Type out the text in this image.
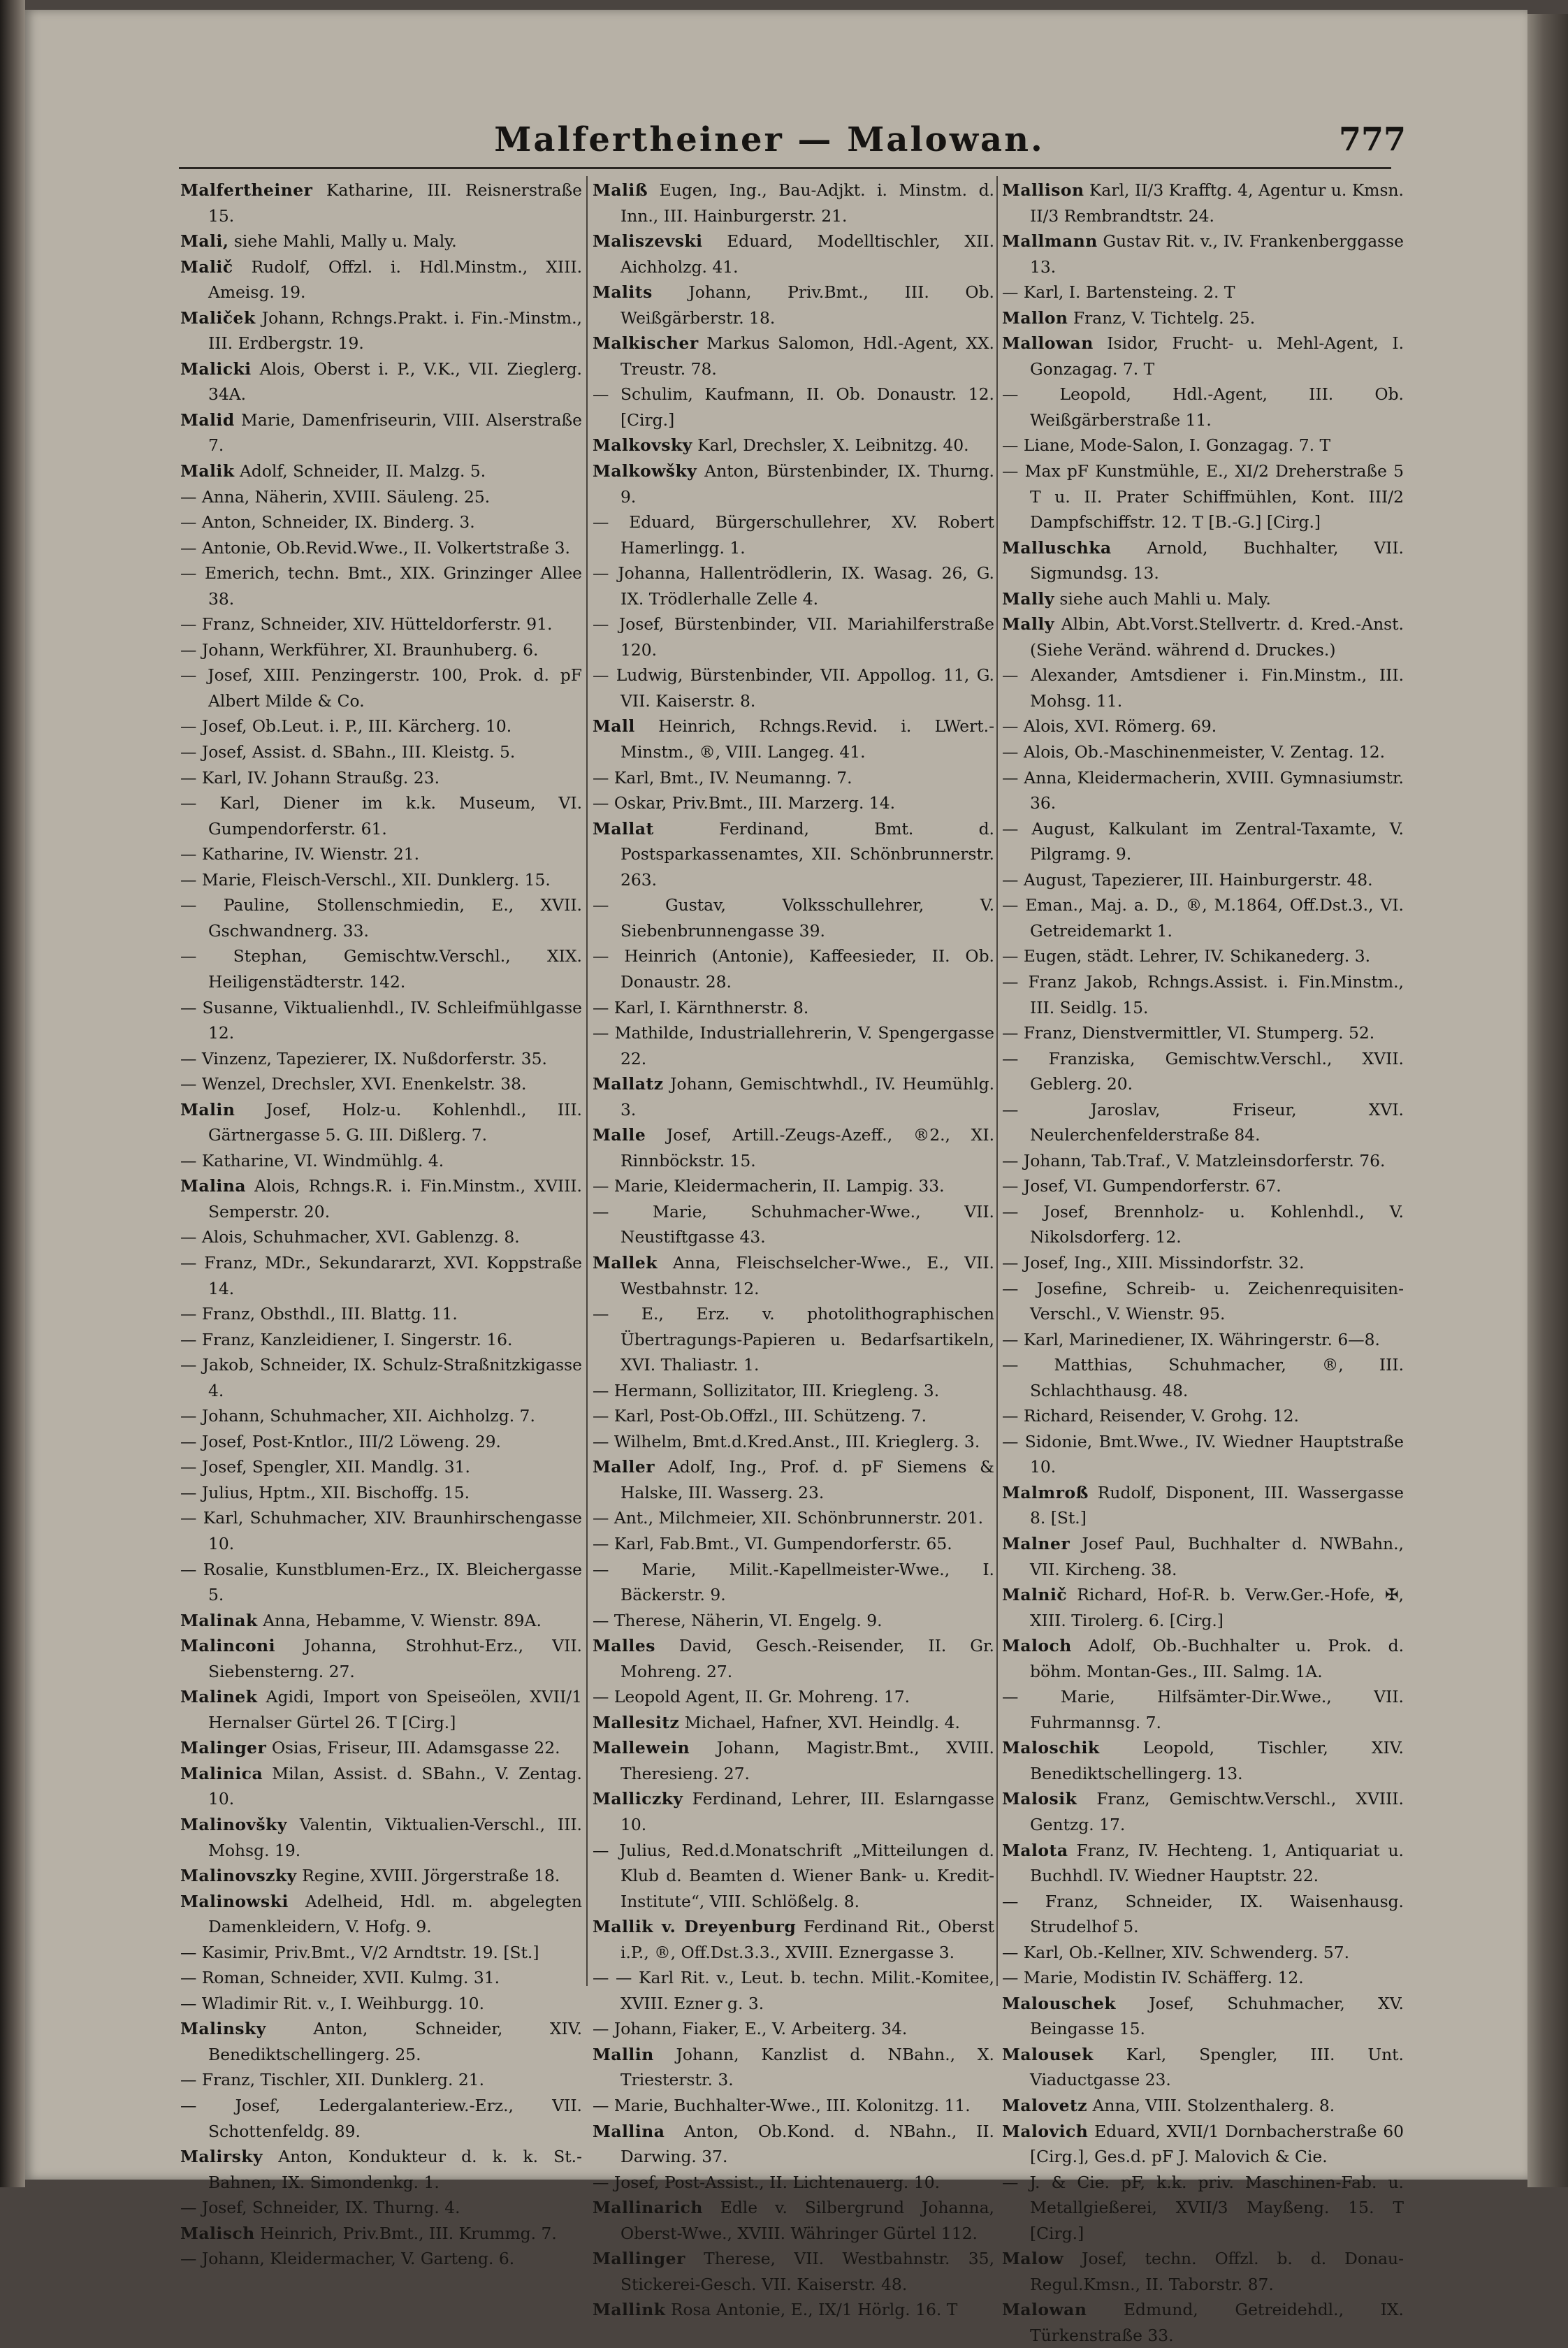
Malfertheiner — Malowan.	777
Malfertheiner Katharine, III. Reisnerstraße 15.
Mali, siehe Mahli, Mally u. Maly.
Malič Rudolf, Offzl. i. Hdl.Minstm., XIII. Ameisg. 19.
Maliček Johann, Rchngs.Prakt. i. Fin.-Minstm., III. Erdbergstr. 19.
Malicki Alois, Oberst i. P., V.K., VII. Zieglerg. 34A.
Malid Marie, Damenfriseurin, VIII. Alserstraße 7.
Malik Adolf, Schneider, II. Malzg. 5.
— Anna, Näherin, XVIII. Säuleng. 25.
— Anton, Schneider, IX. Binderg. 3.
— Antonie, Ob.Revid.Wwe., II. Volkertstraße 3.
— Emerich, techn. Bmt., XIX. Grinzinger Allee 38.
— Franz, Schneider, XIV. Hütteldorferstr. 91.
— Johann, Werkführer, XI. Braunhuberg. 6.
— Josef, XIII. Penzingerstr. 100, Prok. d. pF Albert Milde & Co.
— Josef, Ob.Leut. i. P., III. Kärcherg. 10.
— Josef, Assist. d. SBahn., III. Kleistg. 5.
— Karl, IV. Johann Straußg. 23.
— Karl, Diener im k.k. Museum, VI. Gumpendorferstr. 61.
— Katharine, IV. Wienstr. 21.
— Marie, Fleisch-Verschl., XII. Dunklerg. 15.
— Pauline, Stollenschmiedin, E., XVII. Gschwandnerg. 33.
— Stephan, Gemischtw.Verschl., XIX. Heiligenstädterstr. 142.
— Susanne, Viktualienhdl., IV. Schleifmühlgasse 12.
— Vinzenz, Tapezierer, IX. Nußdorferstr. 35.
— Wenzel, Drechsler, XVI. Enenkelstr. 38.
Malin Josef, Holz-u. Kohlenhdl., III. Gärtnergasse 5. G. III. Dißlerg. 7.
— Katharine, VI. Windmühlg. 4.
Malina Alois, Rchngs.R. i. Fin.Minstm., XVIII. Semperstr. 20.
— Alois, Schuhmacher, XVI. Gablenzg. 8.
— Franz, MDr., Sekundararzt, XVI. Koppstraße 14.
— Franz, Obsthdl., III. Blattg. 11.
— Franz, Kanzleidiener, I. Singerstr. 16.
— Jakob, Schneider, IX. Schulz-Straßnitzkigasse 4.
— Johann, Schuhmacher, XII. Aichholzg. 7.
— Josef, Post-Kntlor., III/2 Löweng. 29.
— Josef, Spengler, XII. Mandlg. 31.
— Julius, Hptm., XII. Bischoffg. 15.
— Karl, Schuhmacher, XIV. Braunhirschengasse 10.
— Rosalie, Kunstblumen-Erz., IX. Bleichergasse 5.
Malinak Anna, Hebamme, V. Wienstr. 89A.
Malinconi Johanna, Strohhut-Erz., VII. Siebensterng. 27.
Malinek Agidi, Import von Speiseölen, XVII/1 Hernalser Gürtel 26. T [Cirg.]
Malinger Osias, Friseur, III. Adamsgasse 22.
Malinica Milan, Assist. d. SBahn., V. Zentag. 10.
Malinovšky Valentin, Viktualien-Verschl., III. Mohsg. 19.
Malinovszky Regine, XVIII. Jörgerstraße 18.
Malinowski Adelheid, Hdl. m. abgelegten Damenkleidern, V. Hofg. 9.
— Kasimir, Priv.Bmt., V/2 Arndtstr. 19. [St.]
— Roman, Schneider, XVII. Kulmg. 31.
— Wladimir Rit. v., I. Weihburgg. 10.
Malinsky Anton, Schneider, XIV. Benediktschellingerg. 25.
— Franz, Tischler, XII. Dunklerg. 21.
— Josef, Ledergalanteriew.-Erz., VII. Schottenfeldg. 89.
Malirsky Anton, Kondukteur d. k. k. St.-Bahnen, IX. Simondenkg. 1.
— Josef, Schneider, IX. Thurng. 4.
Malisch Heinrich, Priv.Bmt., III. Krummg. 7.
— Johann, Kleidermacher, V. Garteng. 6.
Maliß Eugen, Ing., Bau-Adjkt. i. Minstm. d. Inn., III. Hainburgerstr. 21.
Maliszevski Eduard, Modelltischler, XII. Aichholzg. 41.
Malits Johann, Priv.Bmt., III. Ob. Weißgärberstr. 18.
Malkischer Markus Salomon, Hdl.-Agent, XX. Treustr. 78.
— Schulim, Kaufmann, II. Ob. Donaustr. 12. [Cirg.]
Malkovsky Karl, Drechsler, X. Leibnitzg. 40.
Malkowšky Anton, Bürstenbinder, IX. Thurng. 9.
— Eduard, Bürgerschullehrer, XV. Robert Hamerlingg. 1.
— Johanna, Hallentrödlerin, IX. Wasag. 26, G. IX. Trödlerhalle Zelle 4.
— Josef, Bürstenbinder, VII. Mariahilferstraße 120.
— Ludwig, Bürstenbinder, VII. Appollog. 11, G. VII. Kaiserstr. 8.
Mall Heinrich, Rchngs.Revid. i. LWert.-Minstm., ®, VIII. Langeg. 41.
— Karl, Bmt., IV. Neumanng. 7.
— Oskar, Priv.Bmt., III. Marzerg. 14.
Mallat Ferdinand, Bmt. d. Postsparkassenamtes, XII. Schönbrunnerstr. 263.
— Gustav, Volksschullehrer, V. Siebenbrunnengasse 39.
— Heinrich (Antonie), Kaffeesieder, II. Ob. Donaustr. 28.
— Karl, I. Kärnthnerstr. 8.
— Mathilde, Industriallehrerin, V. Spengergasse 22.
Mallatz Johann, Gemischtwhdl., IV. Heumühlg. 3.
Malle Josef, Artill.-Zeugs-Azeff., ®2., XI. Rinnböckstr. 15.
— Marie, Kleidermacherin, II. Lampig. 33.
— Marie, Schuhmacher-Wwe., VII. Neustiftgasse 43.
Mallek Anna, Fleischselcher-Wwe., E., VII. Westbahnstr. 12.
— E., Erz. v. photolithographischen Übertragungs-Papieren u. Bedarfsartikeln, XVI. Thaliastr. 1.
— Hermann, Sollizitator, III. Kriegleng. 3.
— Karl, Post-Ob.Offzl., III. Schützeng. 7.
— Wilhelm, Bmt.d.Kred.Anst., III. Krieglerg. 3.
Maller Adolf, Ing., Prof. d. pF Siemens & Halske, III. Wasserg. 23.
— Ant., Milchmeier, XII. Schönbrunnerstr. 201.
— Karl, Fab.Bmt., VI. Gumpendorferstr. 65.
— Marie, Milit.-Kapellmeister-Wwe., I. Bäckerstr. 9.
— Therese, Näherin, VI. Engelg. 9.
Malles David, Gesch.-Reisender, II. Gr. Mohreng. 27.
— Leopold Agent, II. Gr. Mohreng. 17.
Mallesitz Michael, Hafner, XVI. Heindlg. 4.
Mallewein Johann, Magistr.Bmt., XVIII. Theresieng. 27.
Malliczky Ferdinand, Lehrer, III. Eslarngasse 10.
— Julius, Red.d.Monatschrift „Mitteilungen d. Klub d. Beamten d. Wiener Bank- u. Kredit-Institute“, VIII. Schlößelg. 8.
Mallik v. Dreyenburg Ferdinand Rit., Oberst i.P., ®, Off.Dst.3.3., XVIII. Eznergasse 3.
— — Karl Rit. v., Leut. b. techn. Milit.-Komitee, XVIII. Ezner g. 3.
— Johann, Fiaker, E., V. Arbeiterg. 34.
Mallin Johann, Kanzlist d. NBahn., X. Triesterstr. 3.
— Marie, Buchhalter-Wwe., III. Kolonitzg. 11.
Mallina Anton, Ob.Kond. d. NBahn., II. Darwing. 37.
— Josef, Post-Assist., II. Lichtenauerg. 10.
Mallinarich Edle v. Silbergrund Johanna, Oberst-Wwe., XVIII. Währinger Gürtel 112.
Mallinger Therese, VII. Westbahnstr. 35, Stickerei-Gesch. VII. Kaiserstr. 48.
Mallink Rosa Antonie, E., IX/1 Hörlg. 16. T
Mallison Karl, II/3 Krafftg. 4, Agentur u. Kmsn. II/3 Rembrandtstr. 24.
Mallmann Gustav Rit. v., IV. Frankenberggasse 13.
— Karl, I. Bartensteing. 2. T
Mallon Franz, V. Tichtelg. 25.
Mallowan Isidor, Frucht- u. Mehl-Agent, I. Gonzagag. 7. T
— Leopold, Hdl.-Agent, III. Ob. Weißgärberstraße 11.
— Liane, Mode-Salon, I. Gonzagag. 7. T
— Max pF Kunstmühle, E., XI/2 Dreherstraße 5 T u. II. Prater Schiffmühlen, Kont. III/2 Dampfschiffstr. 12. T [B.-G.] [Cirg.]
Malluschka Arnold, Buchhalter, VII. Sigmundsg. 13.
Mally siehe auch Mahli u. Maly.
Mally Albin, Abt.Vorst.Stellvertr. d. Kred.-Anst. (Siehe Veränd. während d. Druckes.)
— Alexander, Amtsdiener i. Fin.Minstm., III. Mohsg. 11.
— Alois, XVI. Römerg. 69.
— Alois, Ob.-Maschinenmeister, V. Zentag. 12.
— Anna, Kleidermacherin, XVIII. Gymnasiumstr. 36.
— August, Kalkulant im Zentral-Taxamte, V. Pilgramg. 9.
— August, Tapezierer, III. Hainburgerstr. 48.
— Eman., Maj. a. D., ®, M.1864, Off.Dst.3., VI. Getreidemarkt 1.
— Eugen, städt. Lehrer, IV. Schikanederg. 3.
— Franz Jakob, Rchngs.Assist. i. Fin.Minstm., III. Seidlg. 15.
— Franz, Dienstvermittler, VI. Stumperg. 52.
— Franziska, Gemischtw.Verschl., XVII. Geblerg. 20.
— Jaroslav, Friseur, XVI. Neulerchenfelderstraße 84.
— Johann, Tab.Traf., V. Matzleinsdorferstr. 76.
— Josef, VI. Gumpendorferstr. 67.
— Josef, Brennholz- u. Kohlenhdl., V. Nikolsdorferg. 12.
— Josef, Ing., XIII. Missindorfstr. 32.
— Josefine, Schreib- u. Zeichenrequisiten-Verschl., V. Wienstr. 95.
— Karl, Marinediener, IX. Währingerstr. 6—8.
— Matthias, Schuhmacher, ®, III. Schlachthausg. 48.
— Richard, Reisender, V. Grohg. 12.
— Sidonie, Bmt.Wwe., IV. Wiedner Hauptstraße 10.
Malmroß Rudolf, Disponent, III. Wassergasse 8. [St.]
Malner Josef Paul, Buchhalter d. NWBahn., VII. Kircheng. 38.
Malnič Richard, Hof-R. b. Verw.Ger.-Hofe, ✠, XIII. Tirolerg. 6. [Cirg.]
Maloch Adolf, Ob.-Buchhalter u. Prok. d. böhm. Montan-Ges., III. Salmg. 1A.
— Marie, Hilfsämter-Dir.Wwe., VII. Fuhrmannsg. 7.
Maloschik Leopold, Tischler, XIV. Benediktschellingerg. 13.
Malosik Franz, Gemischtw.Verschl., XVIII. Gentzg. 17.
Malota Franz, IV. Hechteng. 1, Antiquariat u. Buchhdl. IV. Wiedner Hauptstr. 22.
— Franz, Schneider, IX. Waisenhausg. Strudelhof 5.
— Karl, Ob.-Kellner, XIV. Schwenderg. 57.
— Marie, Modistin IV. Schäfferg. 12.
Malouschek Josef, Schuhmacher, XV. Beingasse 15.
Malousek Karl, Spengler, III. Unt. Viaductgasse 23.
Malovetz Anna, VIII. Stolzenthalerg. 8.
Malovich Eduard, XVII/1 Dornbacherstraße 60 [Cirg.], Ges.d. pF J. Malovich & Cie.
— J. & Cie. pF, k.k. priv. Maschinen-Fab. u. Metallgießerei, XVII/3 Mayßeng. 15. T [Cirg.]
Malow Josef, techn. Offzl. b. d. Donau-Regul.Kmsn., II. Taborstr. 87.
Malowan Edmund, Getreidehdl., IX. Türkenstraße 33.
